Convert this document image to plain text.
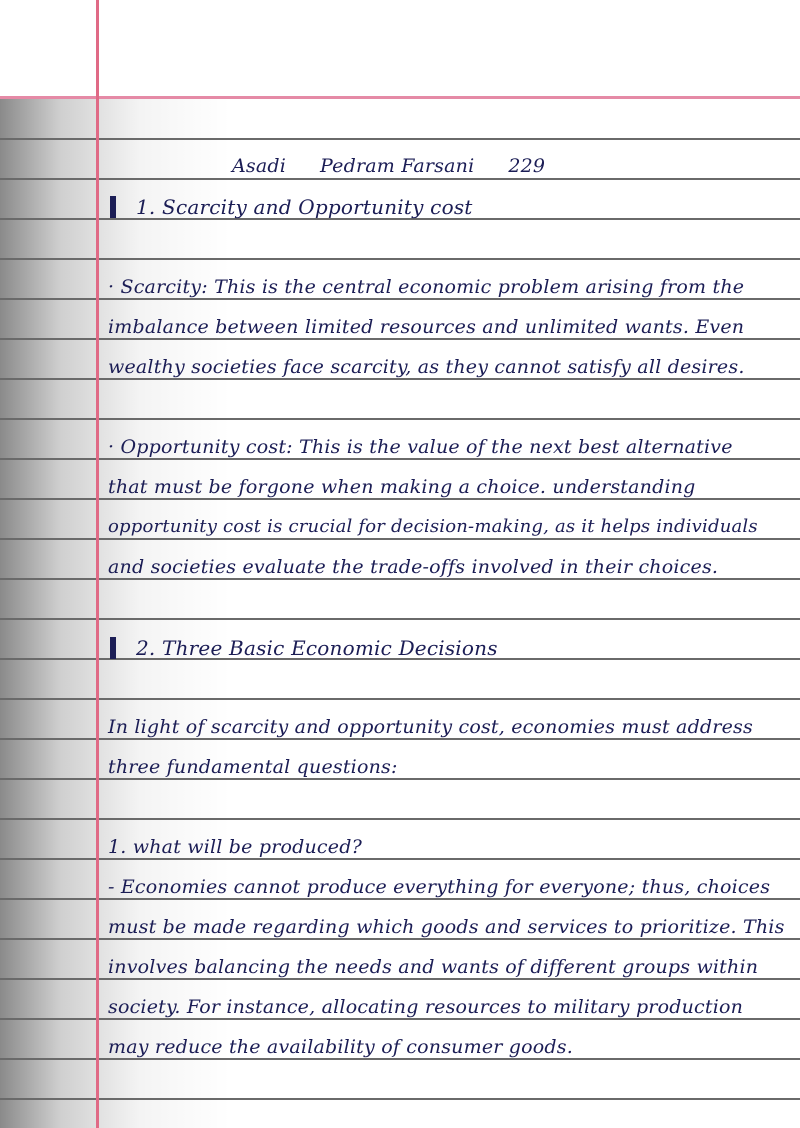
Asadi Pedram Farsani 229

1. Scarcity and Opportunity cost

· Scarcity: This is the central economic problem arising from the

imbalance between limited resources and unlimited wants. Even

wealthy societies face scarcity, as they cannot satisfy all desires.

· Opportunity cost: This is the value of the next best alternative

that must be forgone when making a choice. understanding

opportunity cost is crucial for decision-making, as it helps individuals

and societies evaluate the trade-offs involved in their choices.

2. Three Basic Economic Decisions

In light of scarcity and opportunity cost, economies must address

three fundamental questions:

1. what will be produced?

- Economies cannot produce everything for everyone; thus, choices

must be made regarding which goods and services to prioritize. This

involves balancing the needs and wants of different groups within

society. For instance, allocating resources to military production

may reduce the availability of consumer goods.
